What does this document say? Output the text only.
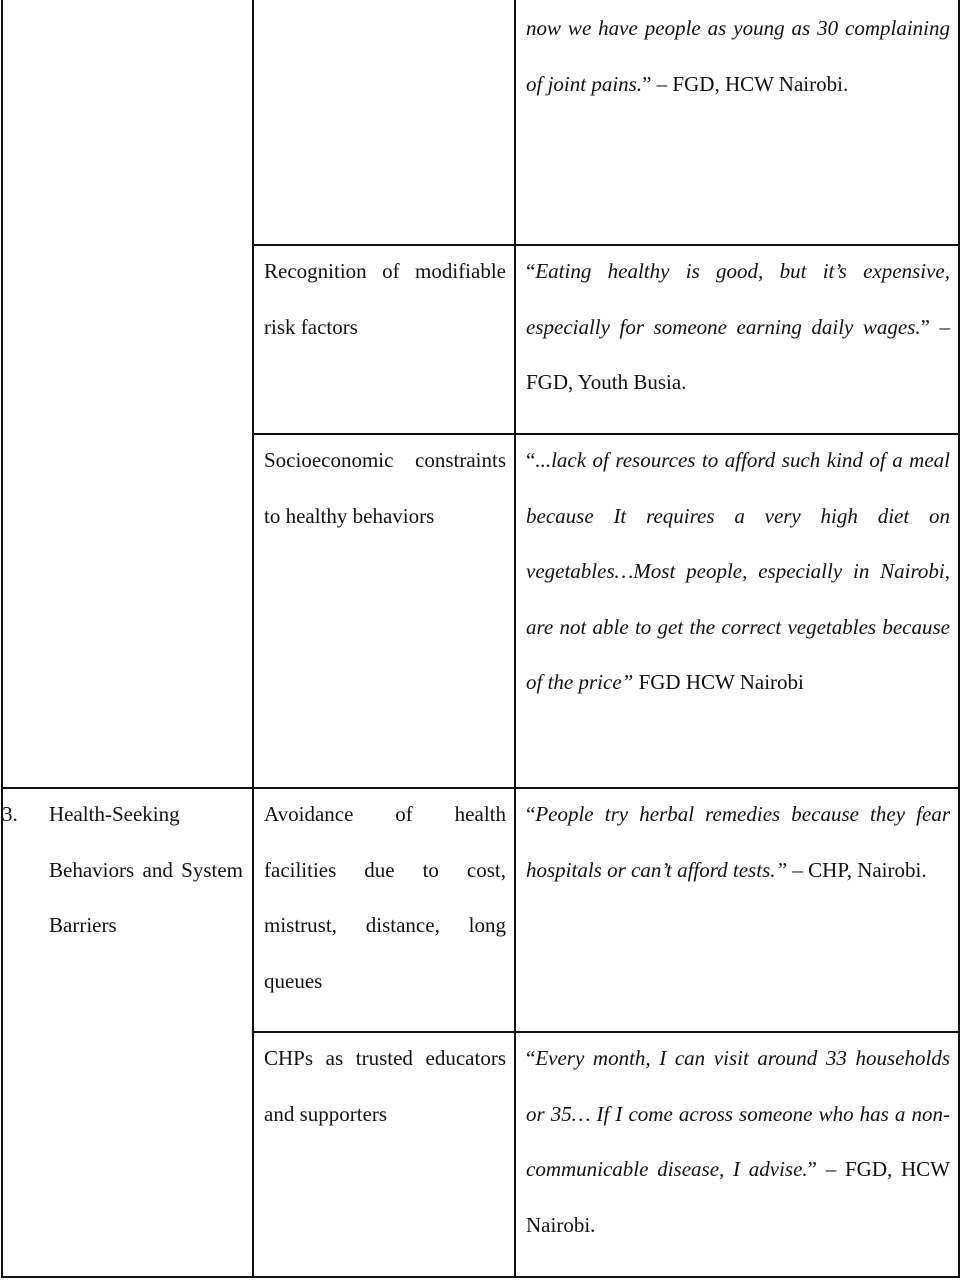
now we have people as young as 30 complaining of joint pains.” – FGD, HCW Nairobi.

Recognition of modifiable risk factors

“Eating healthy is good, but it’s expensive, especially for someone earning daily wages.” – FGD, Youth Busia.

Socioeconomic constraints to healthy behaviors

“...lack of resources to afford such kind of a meal because It requires a very high diet on vegetables…Most people, especially in Nairobi, are not able to get the correct vegetables because of the price” FGD HCW Nairobi

3. Health-Seeking Behaviors and System Barriers

Avoidance of health facilities due to cost, mistrust, distance, long queues

“People try herbal remedies because they fear hospitals or can’t afford tests.” – CHP, Nairobi.

CHPs as trusted educators and supporters

“Every month, I can visit around 33 households or 35… If I come across someone who has a non-communicable disease, I advise.” – FGD, HCW Nairobi.
